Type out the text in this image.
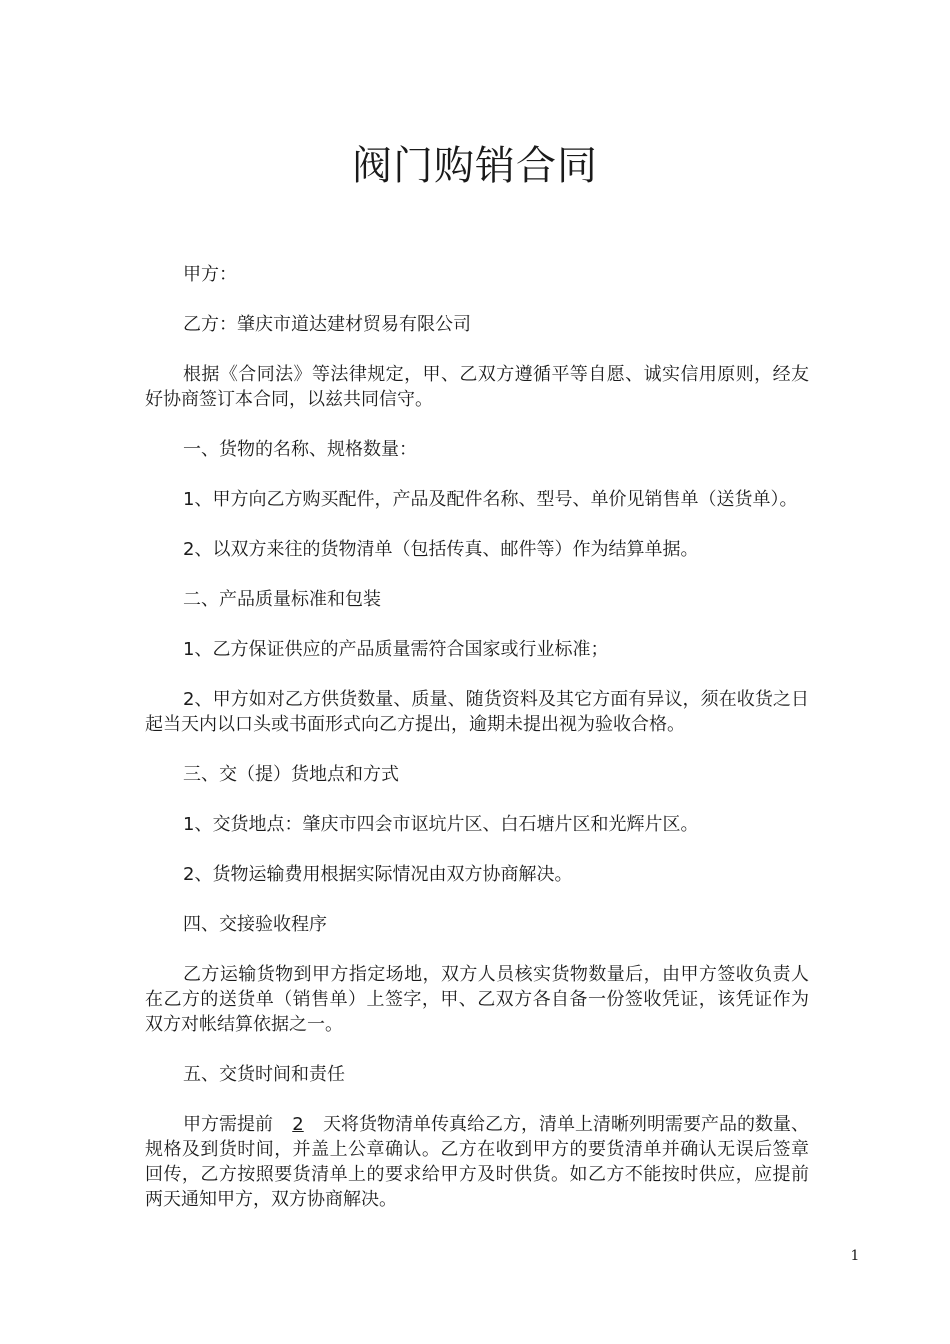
阀门购销合同

甲方：

乙方：肇庆市道达建材贸易有限公司

根据《合同法》等法律规定，甲、乙双方遵循平等自愿、诚实信用原则，经友好协商签订本合同，以兹共同信守。

一、货物的名称、规格数量：

1、甲方向乙方购买配件，产品及配件名称、型号、单价见销售单（送货单）。

2、以双方来往的货物清单（包括传真、邮件等）作为结算单据。

二、产品质量标准和包装

1、乙方保证供应的产品质量需符合国家或行业标准；

2、甲方如对乙方供货数量、质量、随货资料及其它方面有异议，须在收货之日起当天内以口头或书面形式向乙方提出，逾期未提出视为验收合格。

三、交（提）货地点和方式

1、交货地点：肇庆市四会市讴坑片区、白石塘片区和光辉片区。

2、货物运输费用根据实际情况由双方协商解决。

四、交接验收程序

乙方运输货物到甲方指定场地，双方人员核实货物数量后，由甲方签收负责人在乙方的送货单（销售单）上签字，甲、乙双方各自备一份签收凭证，该凭证作为双方对帐结算依据之一。

五、交货时间和责任

甲方需提前 2 天将货物清单传真给乙方，清单上清晰列明需要产品的数量、规格及到货时间，并盖上公章确认。乙方在收到甲方的要货清单并确认无误后签章回传，乙方按照要货清单上的要求给甲方及时供货。如乙方不能按时供应，应提前两天通知甲方，双方协商解决。

1
